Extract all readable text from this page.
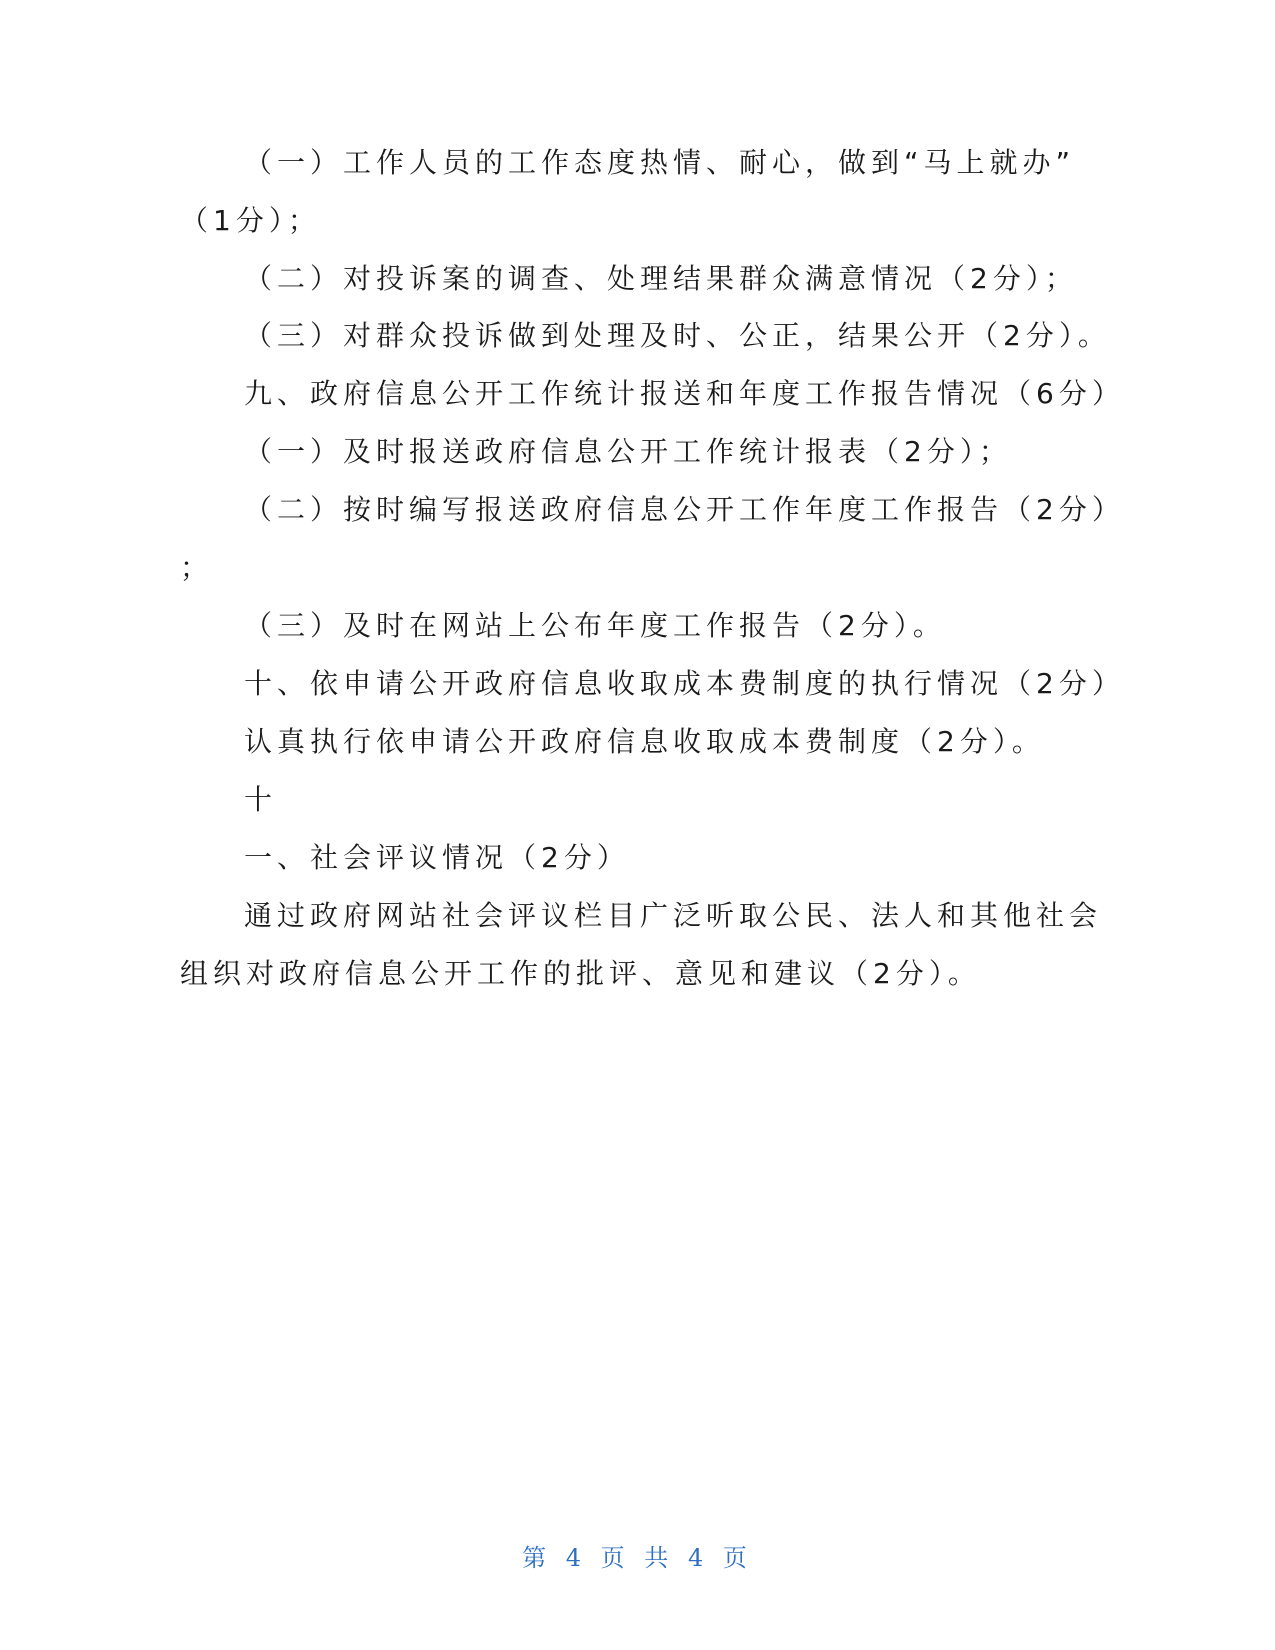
（一）工作人员的工作态度热情、耐心，做到“马上就办”
（1分）；
（二）对投诉案的调查、处理结果群众满意情况（2分）；
（三）对群众投诉做到处理及时、公正，结果公开（2分）。
九、政府信息公开工作统计报送和年度工作报告情况（6分）
（一）及时报送政府信息公开工作统计报表（2分）；
（二）按时编写报送政府信息公开工作年度工作报告（2分）
；
（三）及时在网站上公布年度工作报告（2分）。
十、依申请公开政府信息收取成本费制度的执行情况（2分）
认真执行依申请公开政府信息收取成本费制度（2分）。
十
一、社会评议情况（2分）
通过政府网站社会评议栏目广泛听取公民、法人和其他社会
组织对政府信息公开工作的批评、意见和建议（2分）。
第 4 页 共 4 页
